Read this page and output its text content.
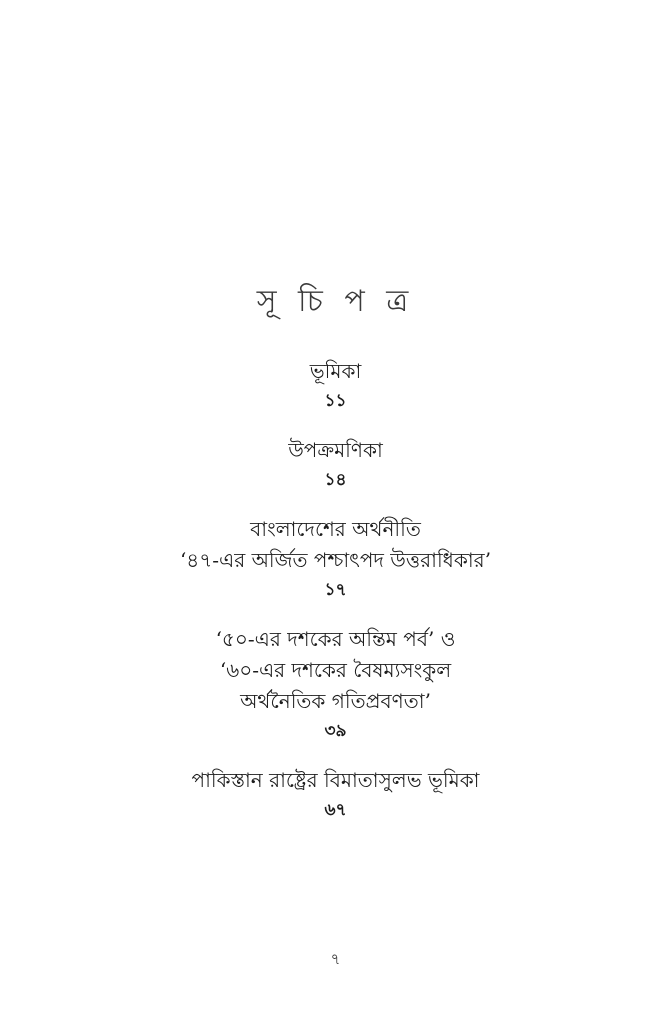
সূ চি প ত্র
ভূমিকা
১১
উপক্রমণিকা
১৪
বাংলাদেশের অর্থনীতি
‘৪৭-এর অর্জিত পশ্চাৎপদ উত্তরাধিকার’
১৭
‘৫০-এর দশকের অন্তিম পর্ব’ ও
‘৬০-এর দশকের বৈষম্যসংকুল
অর্থনৈতিক গতিপ্রবণতা’
৩৯
পাকিস্তান রাষ্ট্রের বিমাতাসুলভ ভূমিকা
৬৭
৭
